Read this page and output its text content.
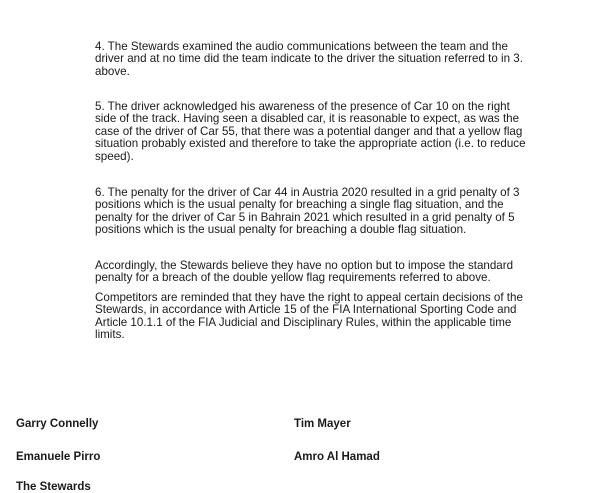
4. The Stewards examined the audio communications between the team and the
driver and at no time did the team indicate to the driver the situation referred to in 3.
above.

5. The driver acknowledged his awareness of the presence of Car 10 on the right
side of the track. Having seen a disabled car, it is reasonable to expect, as was the
case of the driver of Car 55, that there was a potential danger and that a yellow flag
situation probably existed and therefore to take the appropriate action (i.e. to reduce
speed).

6. The penalty for the driver of Car 44 in Austria 2020 resulted in a grid penalty of 3
positions which is the usual penalty for breaching a single flag situation, and the
penalty for the driver of Car 5 in Bahrain 2021 which resulted in a grid penalty of 5
positions which is the usual penalty for breaching a double flag situation.

Accordingly, the Stewards believe they have no option but to impose the standard
penalty for a breach of the double yellow flag requirements referred to above.

Competitors are reminded that they have the right to appeal certain decisions of the
Stewards, in accordance with Article 15 of the FIA International Sporting Code and
Article 10.1.1 of the FIA Judicial and Disciplinary Rules, within the applicable time
limits.

Garry Connelly	Tim Mayer
Emanuele Pirro	Amro Al Hamad
The Stewards
